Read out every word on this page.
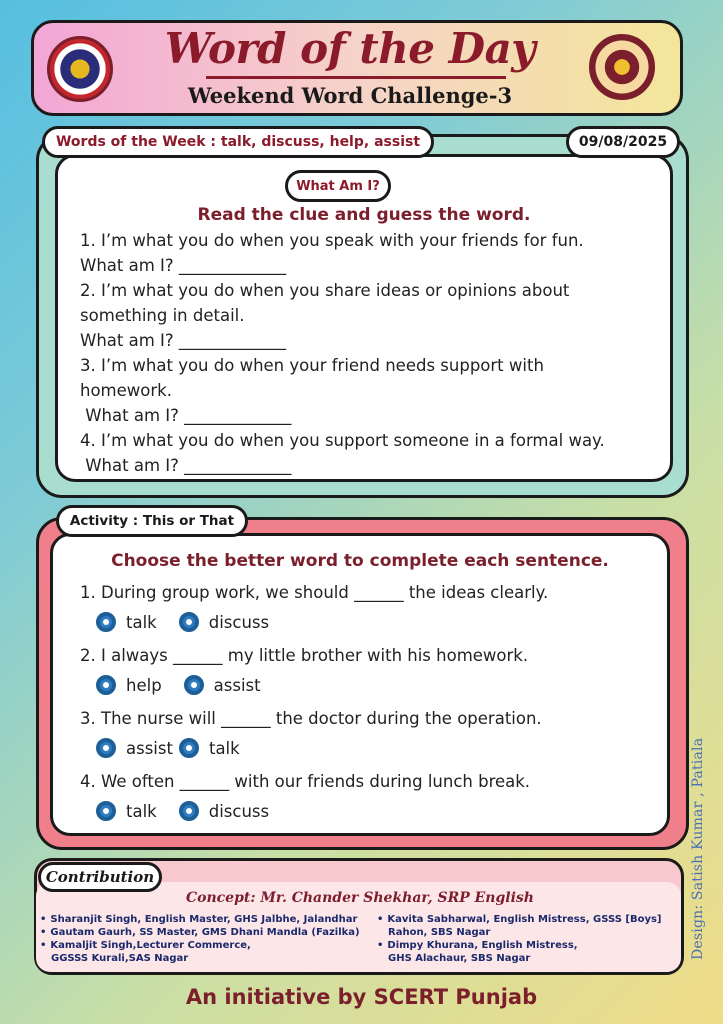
Word of the Day
Weekend Word Challenge-3
Words of the Week : talk, discuss, help, assist	09/08/2025
What Am I?
Read the clue and guess the word.
1. I’m what you do when you speak with your friends for fun.
What am I? _____________
2. I’m what you do when you share ideas or opinions about
something in detail.
What am I? _____________
3. I’m what you do when your friend needs support with
homework.
What am I? _____________
4. I’m what you do when you support someone in a formal way.
What am I? _____________
Activity : This or That
Choose the better word to complete each sentence.
1. During group work, we should ______ the ideas clearly.
talk	discuss
2. I always ______ my little brother with his homework.
help	assist
3. The nurse will ______ the doctor during the operation.
assist talk
4. We often ______ with our friends during lunch break.
talk	discuss
Contribution
Concept: Mr. Chander Shekhar, SRP English
• Sharanjit Singh, English Master, GHS Jalbhe, Jalandhar
• Gautam Gaurh, SS Master, GMS Dhani Mandla (Fazilka)
• Kamaljit Singh,Lecturer Commerce,
GGSSS Kurali,SAS Nagar
• Kavita Sabharwal, English Mistress, GSSS [Boys]
Rahon, SBS Nagar
• Dimpy Khurana, English Mistress,
GHS Alachaur, SBS Nagar
An initiative by SCERT Punjab
Design: Satish Kumar , Patiala
